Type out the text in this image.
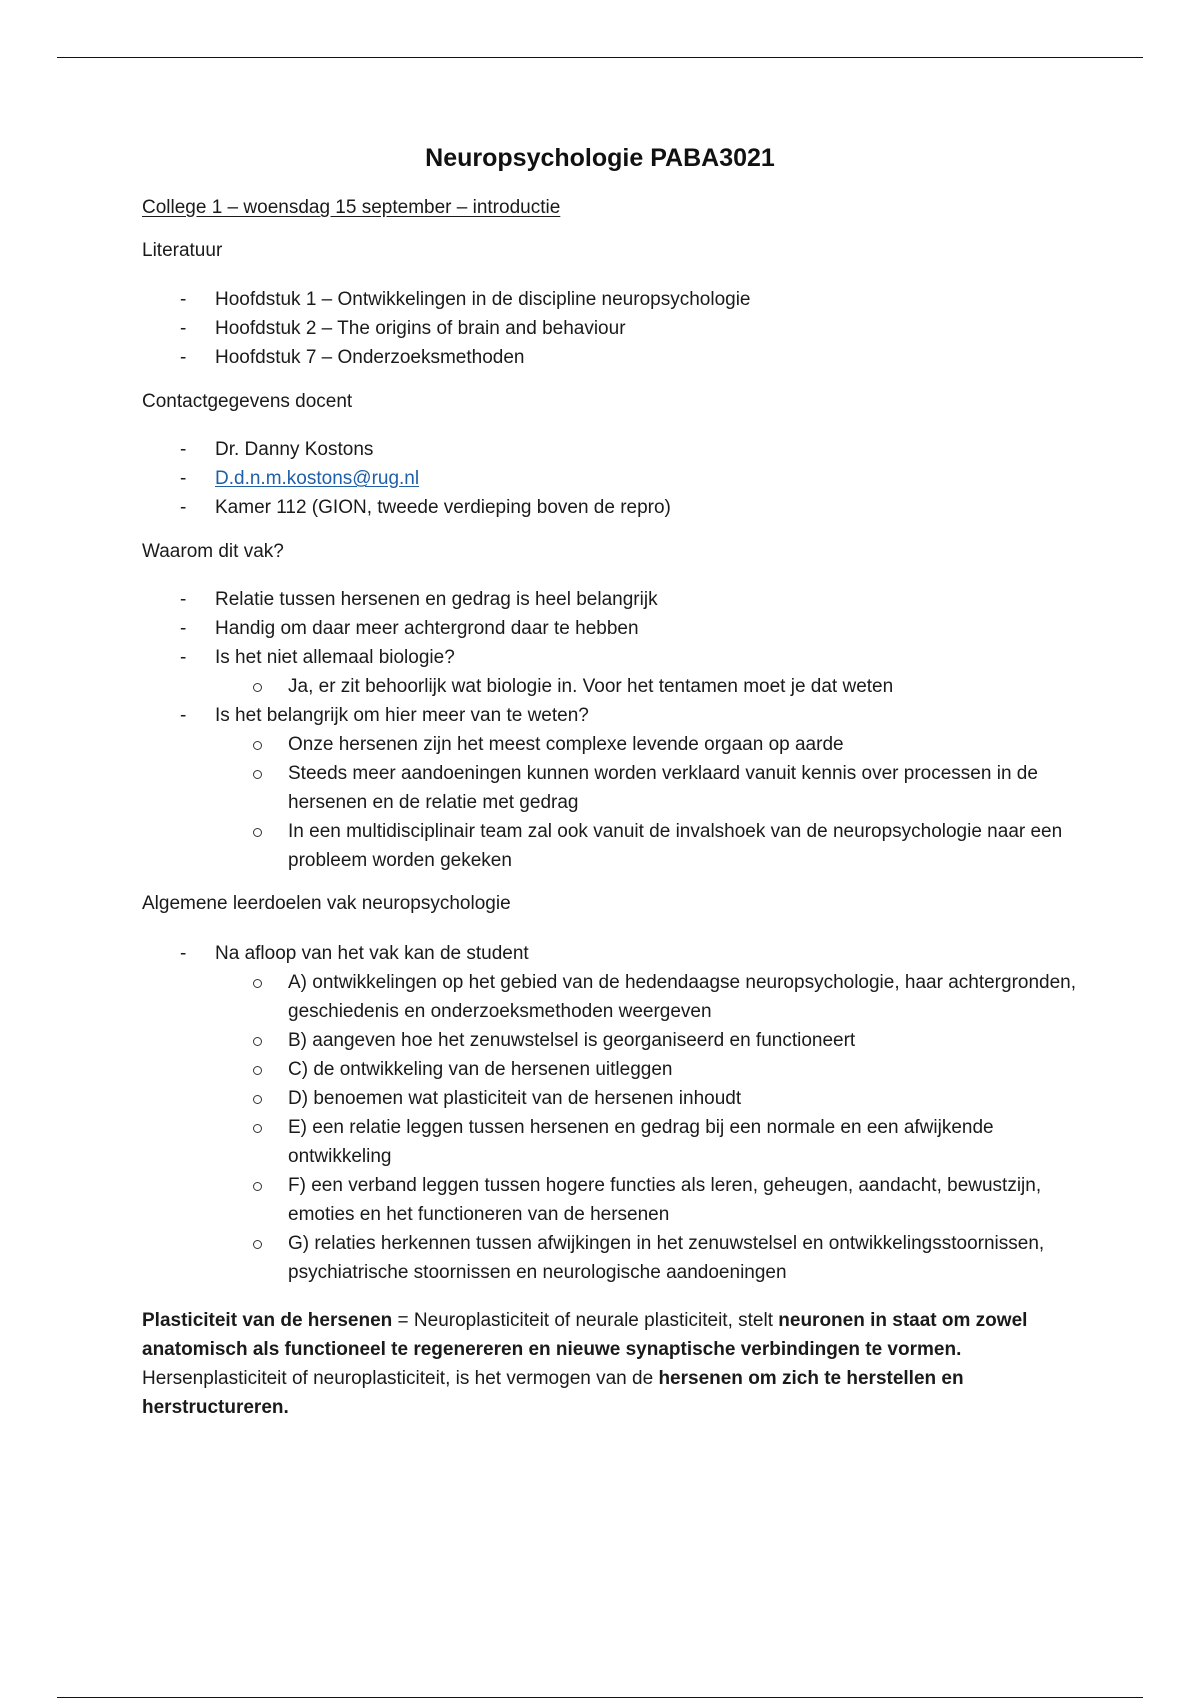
Neuropsychologie PABA3021

College 1 – woensdag 15 september – introductie

Literatuur

- Hoofdstuk 1 – Ontwikkelingen in de discipline neuropsychologie
- Hoofdstuk 2 – The origins of brain and behaviour
- Hoofdstuk 7 – Onderzoeksmethoden

Contactgegevens docent

- Dr. Danny Kostons
- D.d.n.m.kostons@rug.nl
- Kamer 112 (GION, tweede verdieping boven de repro)

Waarom dit vak?

- Relatie tussen hersenen en gedrag is heel belangrijk
- Handig om daar meer achtergrond daar te hebben
- Is het niet allemaal biologie?
Ja, er zit behoorlijk wat biologie in. Voor het tentamen moet je dat weten
- Is het belangrijk om hier meer van te weten?
Onze hersenen zijn het meest complexe levende orgaan op aarde
Steeds meer aandoeningen kunnen worden verklaard vanuit kennis over processen in de hersenen en de relatie met gedrag
In een multidisciplinair team zal ook vanuit de invalshoek van de neuropsychologie naar een probleem worden gekeken

Algemene leerdoelen vak neuropsychologie

- Na afloop van het vak kan de student
A) ontwikkelingen op het gebied van de hedendaagse neuropsychologie, haar achtergronden, geschiedenis en onderzoeksmethoden weergeven
B) aangeven hoe het zenuwstelsel is georganiseerd en functioneert
C) de ontwikkeling van de hersenen uitleggen
D) benoemen wat plasticiteit van de hersenen inhoudt
E) een relatie leggen tussen hersenen en gedrag bij een normale en een afwijkende ontwikkeling
F) een verband leggen tussen hogere functies als leren, geheugen, aandacht, bewustzijn, emoties en het functioneren van de hersenen
G) relaties herkennen tussen afwijkingen in het zenuwstelsel en ontwikkelingsstoornissen, psychiatrische stoornissen en neurologische aandoeningen

Plasticiteit van de hersenen = Neuroplasticiteit of neurale plasticiteit, stelt neuronen in staat om zowel anatomisch als functioneel te regenereren en nieuwe synaptische verbindingen te vormen. Hersenplasticiteit of neuroplasticiteit, is het vermogen van de hersenen om zich te herstellen en herstructureren.
